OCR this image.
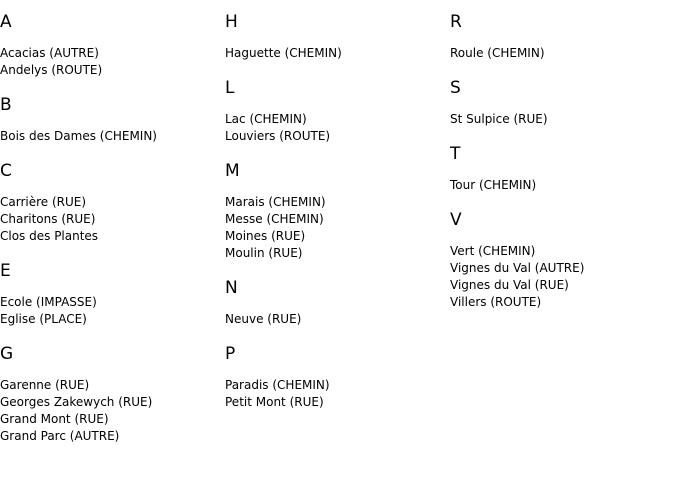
A
Acacias (AUTRE)
Andelys (ROUTE)
B
Bois des Dames (CHEMIN)
C
Carrière (RUE)
Charitons (RUE)
Clos des Plantes
E
Ecole (IMPASSE)
Eglise (PLACE)
G
Garenne (RUE)
Georges Zakewych (RUE)
Grand Mont (RUE)
Grand Parc (AUTRE)
H
Haguette (CHEMIN)
L
Lac (CHEMIN)
Louviers (ROUTE)
M
Marais (CHEMIN)
Messe (CHEMIN)
Moines (RUE)
Moulin (RUE)
N
Neuve (RUE)
P
Paradis (CHEMIN)
Petit Mont (RUE)
R
Roule (CHEMIN)
S
St Sulpice (RUE)
T
Tour (CHEMIN)
V
Vert (CHEMIN)
Vignes du Val (AUTRE)
Vignes du Val (RUE)
Villers (ROUTE)
